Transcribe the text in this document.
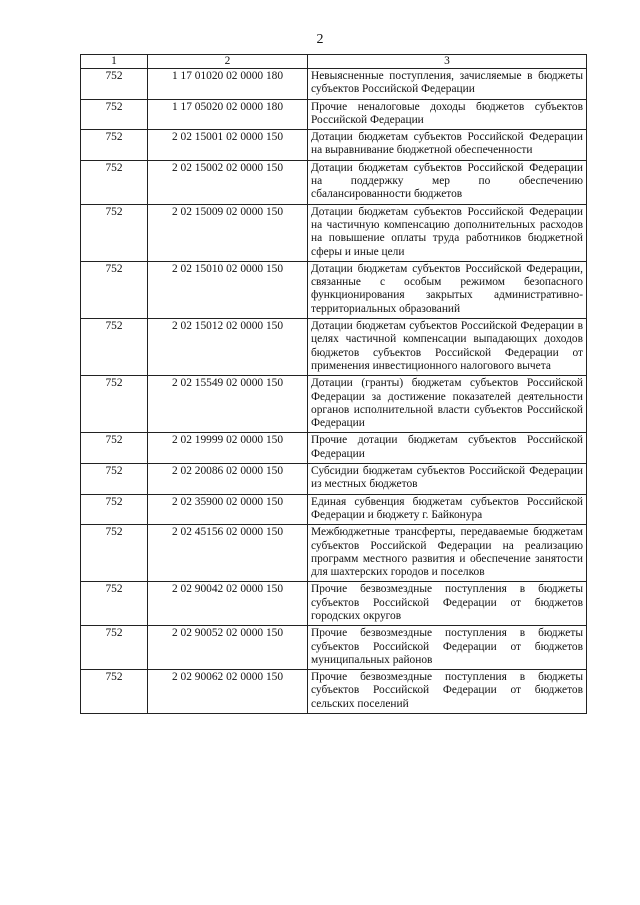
2
1	2	3
752	1 17 01020 02 0000 180	Невыясненные поступления, зачисляемые в бюджеты субъектов Российской Федерации
752	1 17 05020 02 0000 180	Прочие неналоговые доходы бюджетов субъектов Российской Федерации
752	2 02 15001 02 0000 150	Дотации бюджетам субъектов Российской Федерации на выравнивание бюджетной обеспеченности
752	2 02 15002 02 0000 150	Дотации бюджетам субъектов Российской Федерации на поддержку мер по обеспечению сбалансированности бюджетов
752	2 02 15009 02 0000 150	Дотации бюджетам субъектов Российской Федерации на частичную компенсацию дополнительных расходов на повышение оплаты труда работников бюджетной сферы и иные цели
752	2 02 15010 02 0000 150	Дотации бюджетам субъектов Российской Федерации, связанные с особым режимом безопасного функционирования закрытых административно-территориальных образований
752	2 02 15012 02 0000 150	Дотации бюджетам субъектов Российской Федерации в целях частичной компенсации выпадающих доходов бюджетов субъектов Российской Федерации от применения инвестиционного налогового вычета
752	2 02 15549 02 0000 150	Дотации (гранты) бюджетам субъектов Российской Федерации за достижение показателей деятельности органов исполнительной власти субъектов Российской Федерации
752	2 02 19999 02 0000 150	Прочие дотации бюджетам субъектов Российской Федерации
752	2 02 20086 02 0000 150	Субсидии бюджетам субъектов Российской Федерации из местных бюджетов
752	2 02 35900 02 0000 150	Единая субвенция бюджетам субъектов Российской Федерации и бюджету г. Байконура
752	2 02 45156 02 0000 150	Межбюджетные трансферты, передаваемые бюджетам субъектов Российской Федерации на реализацию программ местного развития и обеспечение занятости для шахтерских городов и поселков
752	2 02 90042 02 0000 150	Прочие безвозмездные поступления в бюджеты субъектов Российской Федерации от бюджетов городских округов
752	2 02 90052 02 0000 150	Прочие безвозмездные поступления в бюджеты субъектов Российской Федерации от бюджетов муниципальных районов
752	2 02 90062 02 0000 150	Прочие безвозмездные поступления в бюджеты субъектов Российской Федерации от бюджетов сельских поселений
